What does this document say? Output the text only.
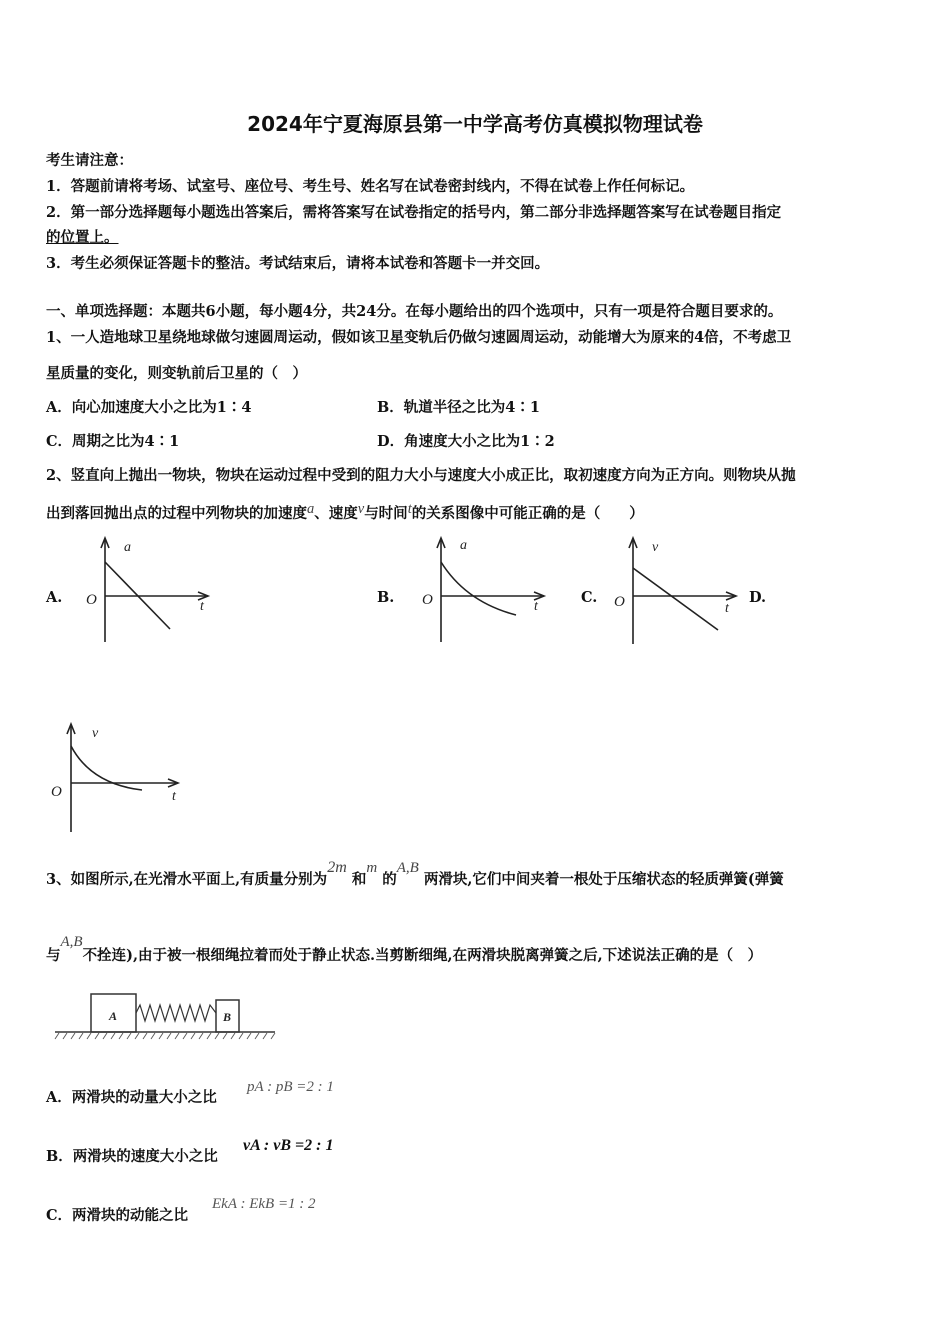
2024年宁夏海原县第一中学高考仿真模拟物理试卷
考生请注意：
1．答题前请将考场、试室号、座位号、考生号、姓名写在试卷密封线内，不得在试卷上作任何标记。
2．第一部分选择题每小题选出答案后，需将答案写在试卷指定的括号内，第二部分非选择题答案写在试卷题目指定
的位置上。
3．考生必须保证答题卡的整洁。考试结束后，请将本试卷和答题卡一并交回。
一、单项选择题：本题共6小题，每小题4分，共24分。在每小题给出的四个选项中，只有一项是符合题目要求的。
1、一人造地球卫星绕地球做匀速圆周运动，假如该卫星变轨后仍做匀速圆周运动，动能增大为原来的4倍，不考虑卫
星质量的变化，则变轨前后卫星的（　）
A．向心加速度大小之比为1∶4	B．轨道半径之比为4∶1
C．周期之比为4∶1	D．角速度大小之比为1∶2
2、竖直向上抛出一物块，物块在运动过程中受到的阻力大小与速度大小成正比，取初速度方向为正方向。则物块从抛
出到落回抛出点的过程中列物块的加速度a、速度v与时间t的关系图像中可能正确的是（　　）
A.	B.	C.	D.
a
t
O
a
t
O
v
t
O
v
t
O
3、如图所示,在光滑水平面上,有质量分别为2m 和m 的A,B 两滑块,它们中间夹着一根处于压缩状态的轻质弹簧(弹簧
与A,B不拴连),由于被一根细绳拉着而处于静止状态.当剪断细绳,在两滑块脱离弹簧之后,下述说法正确的是（　）
A	B
A．两滑块的动量大小之比
pA : pB =2 : 1
B．两滑块的速度大小之比
vA : vB =2 : 1
C．两滑块的动能之比
EkA : EkB =1 : 2
